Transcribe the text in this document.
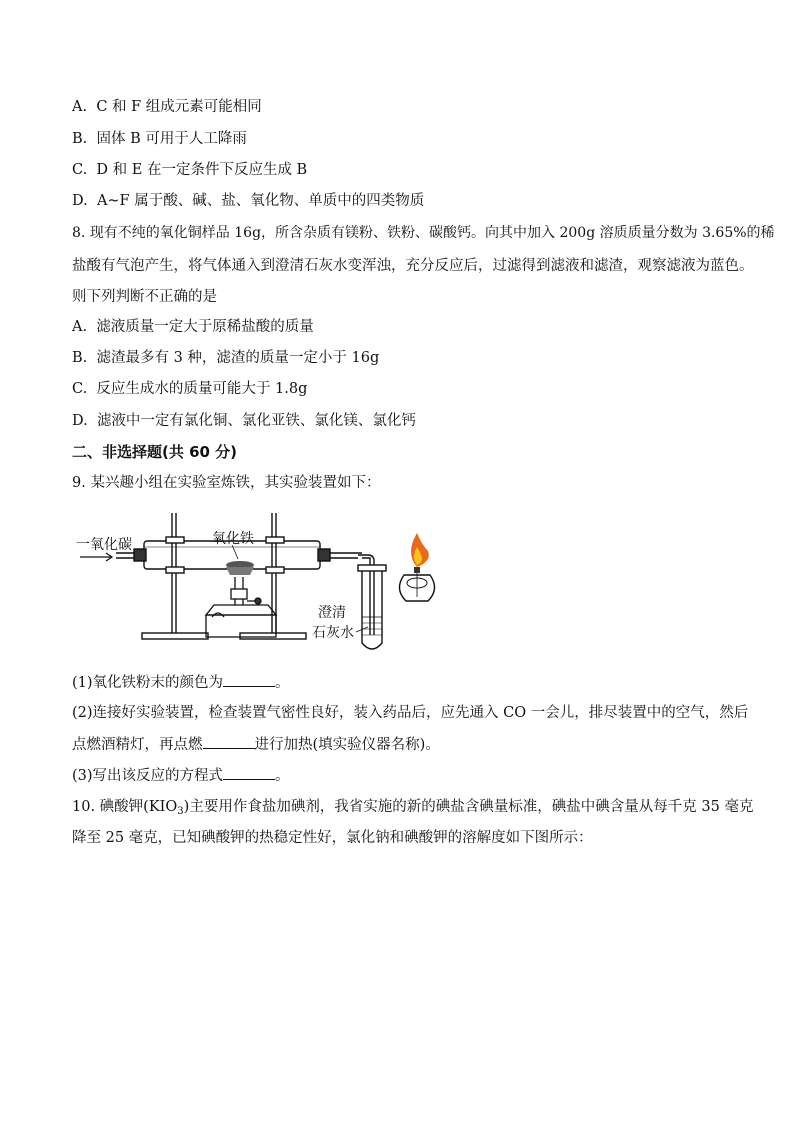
A. C 和 F 组成元素可能相同
B. 固体 B 可用于人工降雨
C. D 和 E 在一定条件下反应生成 B
D. A~F 属于酸、碱、盐、氧化物、单质中的四类物质
8. 现有不纯的氧化铜样品 16g，所含杂质有镁粉、铁粉、碳酸钙。向其中加入 200g 溶质质量分数为 3.65%的稀
盐酸有气泡产生，将气体通入到澄清石灰水变浑浊，充分反应后，过滤得到滤液和滤渣，观察滤液为蓝色。
则下列判断不正确的是
A. 滤液质量一定大于原稀盐酸的质量
B. 滤渣最多有 3 种，滤渣的质量一定小于 16g
C. 反应生成水的质量可能大于 1.8g
D. 滤液中一定有氯化铜、氯化亚铁、氯化镁、氯化钙
二、非选择题(共 60 分)
9. 某兴趣小组在实验室炼铁，其实验装置如下：
一氧化碳	氧化铁
澄清
石灰水
(1)氧化铁粉末的颜色为	。
(2)连接好实验装置，检查装置气密性良好，装入药品后，应先通入 CO 一会儿，排尽装置中的空气，然后
点燃酒精灯，再点燃	进行加热(填实验仪器名称)。
(3)写出该反应的方程式	。
10. 碘酸钾$(KIO_3)$主要用作食盐加碘剂，我省实施的新的碘盐含碘量标准，碘盐中碘含量从每千克 35 毫克
降至 25 毫克，已知碘酸钾的热稳定性好，氯化钠和碘酸钾的溶解度如下图所示：
